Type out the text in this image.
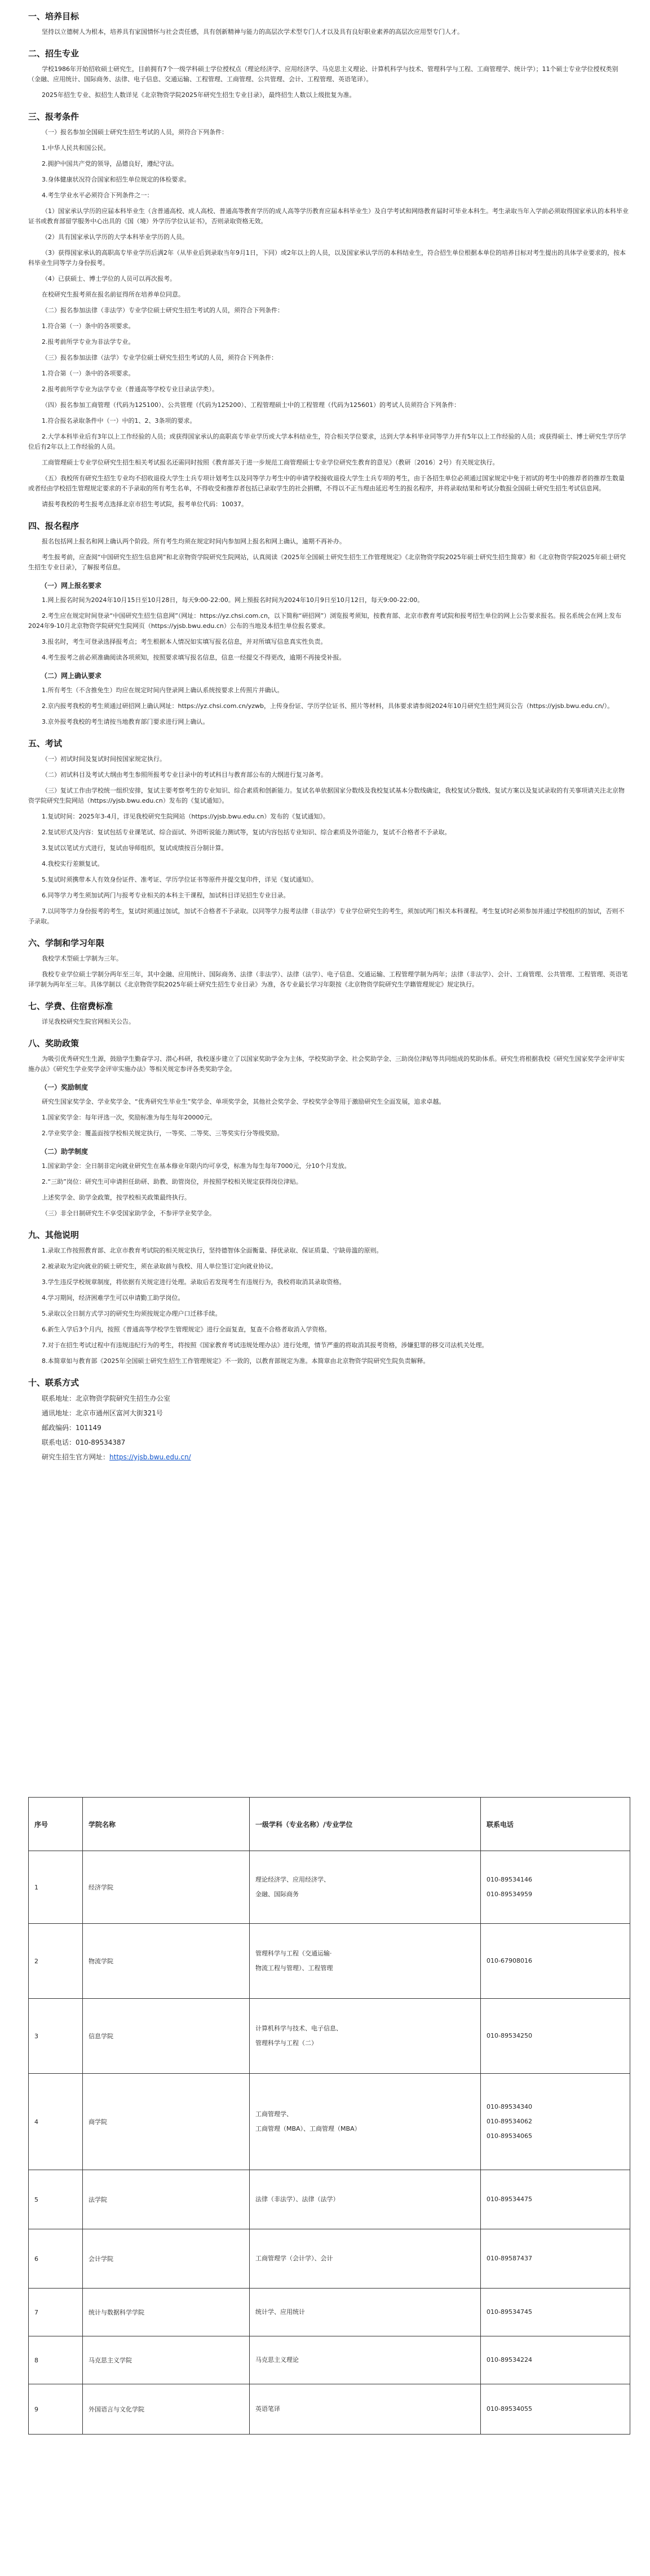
一、培养目标

坚持以立德树人为根本，培养具有家国情怀与社会责任感，具有创新精神与能力的高层次学术型专门人才以及具有良好职业素养的高层次应用型专门人才。

二、招生专业

学校1986年开始招收硕士研究生，目前拥有7个一级学科硕士学位授权点（理论经济学、应用经济学、马克思主义理论、计算机科学与技术、管理科学与工程、工商管理学、统计学）；11个硕士专业学位授权类别（金融、应用统计、国际商务、法律、电子信息、交通运输、工程管理、工商管理、公共管理、会计、工程管理、英语笔译）。

2025年招生专业、拟招生人数详见《北京物资学院2025年研究生招生专业目录》，最终招生人数以上级批复为准。

三、报考条件

（一）报名参加全国硕士研究生招生考试的人员，须符合下列条件：

1.中华人民共和国公民。

2.拥护中国共产党的领导，品德良好，遵纪守法。

3.身体健康状况符合国家和招生单位规定的体检要求。

4.考生学业水平必须符合下列条件之一：

（1）国家承认学历的应届本科毕业生（含普通高校、成人高校、普通高等教育学历的成人高等学历教育应届本科毕业生）及自学考试和网络教育届时可毕业本科生。考生录取当年入学前必须取得国家承认的本科毕业证书或教育部留学服务中心出具的《国（境）外学历学位认证书》，否则录取资格无效。

（2）具有国家承认学历的大学本科毕业学历的人员。

（3）获得国家承认的高职高专毕业学历后满2年（从毕业后到录取当年9月1日，下同）或2年以上的人员，以及国家承认学历的本科结业生，符合招生单位根据本单位的培养目标对考生提出的具体学业要求的，按本科毕业生同等学力身份报考。

（4）已获硕士、博士学位的人员可以再次报考。

在校研究生报考须在报名前征得所在培养单位同意。

（二）报名参加法律（非法学）专业学位硕士研究生招生考试的人员，须符合下列条件：

1.符合第（一）条中的各项要求。

2.报考前所学专业为非法学专业。

（三）报名参加法律（法学）专业学位硕士研究生招生考试的人员，须符合下列条件：

1.符合第（一）条中的各项要求。

2.报考前所学专业为法学专业（普通高等学校专业目录法学类）。

（四）报名参加工商管理（代码为125100）、公共管理（代码为125200）、工程管理硕士中的工程管理（代码为125601）的考试人员须符合下列条件：

1.符合报名录取条件中（一）中的1、2、3条项的要求。

2.大学本科毕业后有3年以上工作经验的人员；或获得国家承认的高职高专毕业学历或大学本科结业生，符合相关学位要求，达到大学本科毕业同等学力并有5年以上工作经验的人员；或获得硕士、博士研究生学历学位后有2年以上工作经验的人员。

工商管理硕士专业学位研究生招生相关考试报名还需同时按照《教育部关于进一步规范工商管理硕士专业学位研究生教育的意见》（教研〔2016〕2号）有关规定执行。

（五）我校所有研究生招生专业均不招收退役大学生士兵专项计划考生以及同等学力考生中的申请学校接收退役大学生士兵专项的考生，由于各招生单位必须通过国家规定中免于初试的考生中的推荐者的推荐生数量或者经由学校招生管理规定要求的不予录取的所有考生名单，不得收受和推荐者包括已录取学生的社会捐赠，不得以不正当理由延迟考生的报名程序，并将录取结果和考试分数报全国硕士研究生招生考试信息网。

请报考我校的考生报考点选择北京市招生考试院，报考单位代码：10037。

四、报名程序

报名包括网上报名和网上确认两个阶段。所有考生均须在规定时间内参加网上报名和网上确认，逾期不再补办。

考生报考前，应查阅“中国研究生招生信息网”和北京物资学院研究生院网站，认真阅读《2025年全国硕士研究生招生工作管理规定》《北京物资学院2025年硕士研究生招生简章》和《北京物资学院2025年硕士研究生招生专业目录》，了解报考信息。

（一）网上报名要求

1.网上报名时间为2024年10月15日至10月28日，每天9:00-22:00。网上预报名时间为2024年10月9日至10月12日，每天9:00-22:00。

2.考生应在规定时间登录“中国研究生招生信息网”（网址：https://yz.chsi.com.cn，以下简称“研招网”）浏览报考须知，按教育部、北京市教育考试院和报考招生单位的网上公告要求报名。报名系统会在网上发布2024年9-10月北京物资学院研究生院网页（https://yjsb.bwu.edu.cn）公布的当地及本招生单位报名要求。

3.报名时，考生可登录选择报考点；考生根据本人情况如实填写报名信息，并对所填写信息真实性负责。

4.考生报考之前必须准确阅读各项须知，按照要求填写报名信息，信息一经提交不得更改，逾期不再接受补报。

（二）网上确认要求

1.所有考生（不含推免生）均应在规定时间内登录网上确认系统按要求上传照片并确认。

2.京内报考我校的考生须通过研招网上确认网址：https://yz.chsi.com.cn/yzwb，上传身份证、学历学位证书、照片等材料，具体要求请参阅2024年10月研究生招生网页公告（https://yjsb.bwu.edu.cn/）。

3.京外报考我校的考生请按当地教育部门要求进行网上确认。

五、考试

（一）初试时间及复试时间按国家规定执行。

（二）初试科目及考试大纲由考生参照所报考专业目录中的考试科目与教育部公布的大纲进行复习备考。

（三）复试工作由学校统一组织安排，复试主要考察考生的专业知识、综合素质和创新能力。复试名单依据国家分数线及我校复试基本分数线确定，我校复试分数线、复试方案以及复试录取的有关事项请关注北京物资学院研究生院网站（https://yjsb.bwu.edu.cn）发布的《复试通知》。

1.复试时间：2025年3-4月，详见我校研究生院网站（https://yjsb.bwu.edu.cn）发布的《复试通知》。

2.复试形式及内容：复试包括专业课笔试、综合面试、外语听说能力测试等，复试内容包括专业知识、综合素质及外语能力，复试不合格者不予录取。

3.复试以笔试方式进行，复试由导师组织，复试成绩按百分制计算。

4.我校实行差额复试。

5.复试时须携带本人有效身份证件、准考证、学历学位证书等原件并提交复印件，详见《复试通知》。

6.同等学力考生须加试两门与报考专业相关的本科主干课程，加试科目详见招生专业目录。

7.以同等学力身份报考的考生，复试时须通过加试，加试不合格者不予录取。以同等学力报考法律（非法学）专业学位研究生的考生，须加试两门相关本科课程。考生复试时必须参加并通过学校组织的加试，否则不予录取。

六、学制和学习年限

我校学术型硕士学制为三年。

我校专业学位硕士学制分两年至三年，其中金融、应用统计、国际商务、法律（非法学）、法律（法学）、电子信息、交通运输、工程管理学制为两年；法律（非法学）、会计、工商管理、公共管理、工程管理、英语笔译学制为两年至三年。具体学制以《北京物资学院2025年硕士研究生招生专业目录》为准，各专业最长学习年限按《北京物资学院研究生学籍管理规定》规定执行。

七、学费、住宿费标准

详见我校研究生院官网相关公告。

八、奖助政策

为吸引优秀研究生生源，鼓励学生勤奋学习、潜心科研，我校逐步建立了以国家奖助学金为主体，学校奖助学金、社会奖助学金、三助岗位津贴等共同组成的奖助体系。研究生将根据我校《研究生国家奖学金评审实施办法》《研究生学业奖学金评审实施办法》等相关规定参评各类奖助学金。

（一）奖励制度

研究生国家奖学金、学业奖学金、“优秀研究生毕业生”奖学金、单项奖学金，其他社会奖学金、学校奖学金等用于激励研究生全面发展，追求卓越。

1.国家奖学金：每年评选一次，奖励标准为每生每年20000元。

2.学业奖学金：覆盖面按学校相关规定执行，一等奖、二等奖、三等奖实行分等级奖励。

（二）助学制度

1.国家助学金：全日制非定向就业研究生在基本修业年限内均可享受，标准为每生每年7000元，分10个月发放。

2.“三助”岗位：研究生可申请担任助研、助教、助管岗位，并按照学校相关规定获得岗位津贴。

上述奖学金、助学金政策，按学校相关政策最终执行。

（三）非全日制研究生不享受国家助学金，不参评学业奖学金。

九、其他说明

1.录取工作按照教育部、北京市教育考试院的相关规定执行，坚持德智体全面衡量、择优录取、保证质量、宁缺毋滥的原则。

2.被录取为定向就业的硕士研究生，须在录取前与我校、用人单位签订定向就业协议。

3.学生违反学校规章制度，将依据有关规定进行处理。录取后若发现考生有违规行为，我校将取消其录取资格。

4.学习期间，经济困难学生可以申请勤工助学岗位。

5.录取以全日制方式学习的研究生均须按规定办理户口迁移手续。

6.新生入学后3个月内，按照《普通高等学校学生管理规定》进行全面复查，复查不合格者取消入学资格。

7.对于在招生考试过程中有违规违纪行为的考生，将按照《国家教育考试违规处理办法》进行处理，情节严重的将取消其报考资格，涉嫌犯罪的移交司法机关处理。

8.本简章如与教育部《2025年全国硕士研究生招生工作管理规定》不一致的，以教育部规定为准。本简章由北京物资学院研究生院负责解释。

十、联系方式

联系地址：北京物资学院研究生招生办公室

通讯地址：北京市通州区富河大街321号

邮政编码：101149

联系电话：010-89534387

研究生招生官方网址：https://yjsb.bwu.edu.cn/

序号	学院名称	一级学科（专业名称）/专业学位	联系电话
1	经济学院	理论经济学、应用经济学、
金融、国际商务	010-89534146
010-89534959

2	物流学院	管理科学与工程（交通运输·
物流工程与管理）、工程管理	010-67908016

3	信息学院	计算机科学与技术、电子信息、
管理科学与工程（二）	010-89534250

4	商学院	工商管理学、
工商管理（MBA）、工商管理（MBA）	010-89534340
010-89534062
010-89534065

5	法学院	法律（非法学）、法律（法学）	010-89534475

6	会计学院	工商管理学（会计学）、会计	010-89587437

7	统计与数据科学学院	统计学、应用统计	010-89534745

8	马克思主义学院	马克思主义理论	010-89534224

9	外国语言与文化学院	英语笔译	010-89534055
